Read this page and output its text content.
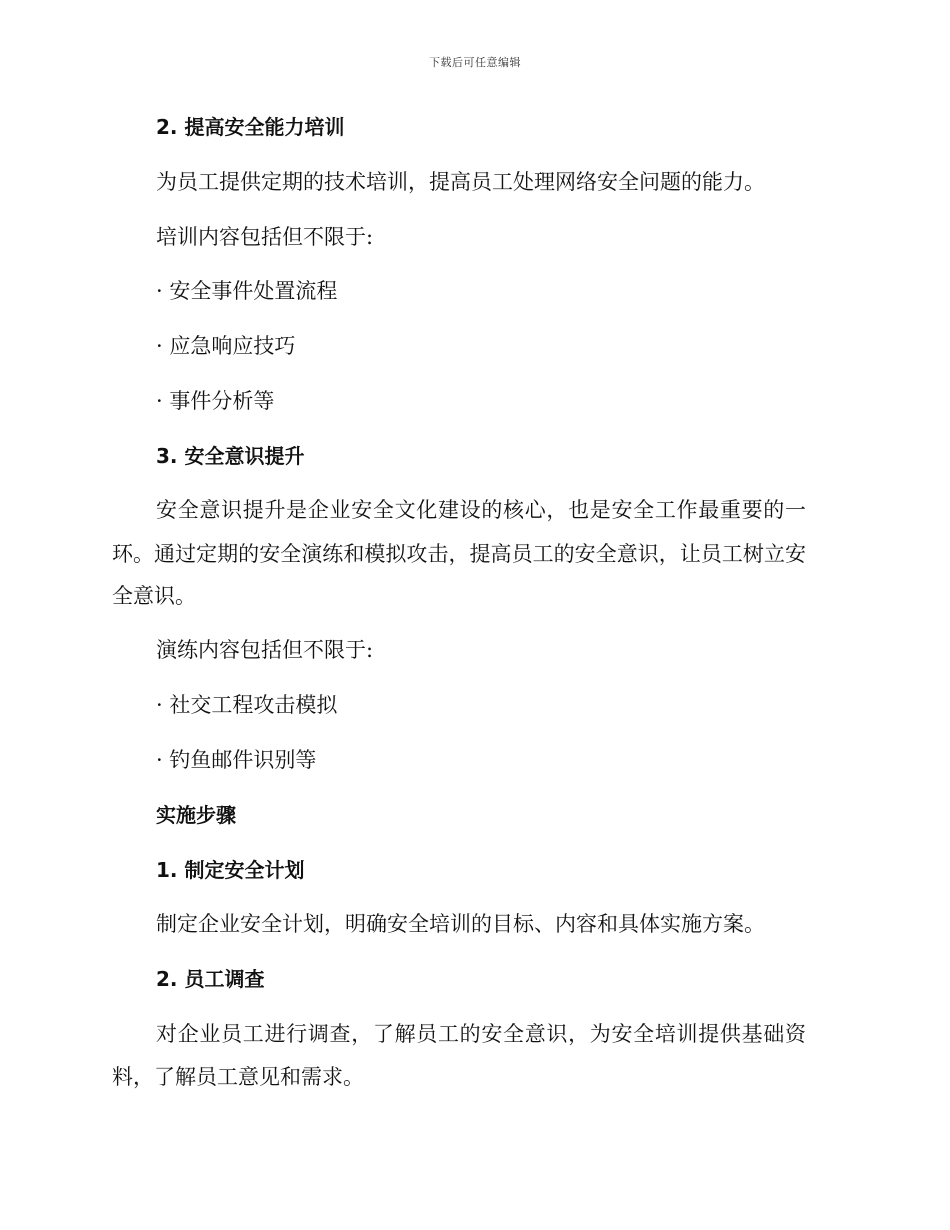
下载后可任意编辑
2. 提高安全能力培训
为员工提供定期的技术培训，提高员工处理网络安全问题的能力。
培训内容包括但不限于:
· 安全事件处置流程
· 应急响应技巧
· 事件分析等
3. 安全意识提升
安全意识提升是企业安全文化建设的核心，也是安全工作最重要的一
环。通过定期的安全演练和模拟攻击，提高员工的安全意识，让员工树立安
全意识。
演练内容包括但不限于:
· 社交工程攻击模拟
· 钓鱼邮件识别等
实施步骤
1. 制定安全计划
制定企业安全计划，明确安全培训的目标、内容和具体实施方案。
2. 员工调查
对企业员工进行调查，了解员工的安全意识，为安全培训提供基础资
料，了解员工意见和需求。
